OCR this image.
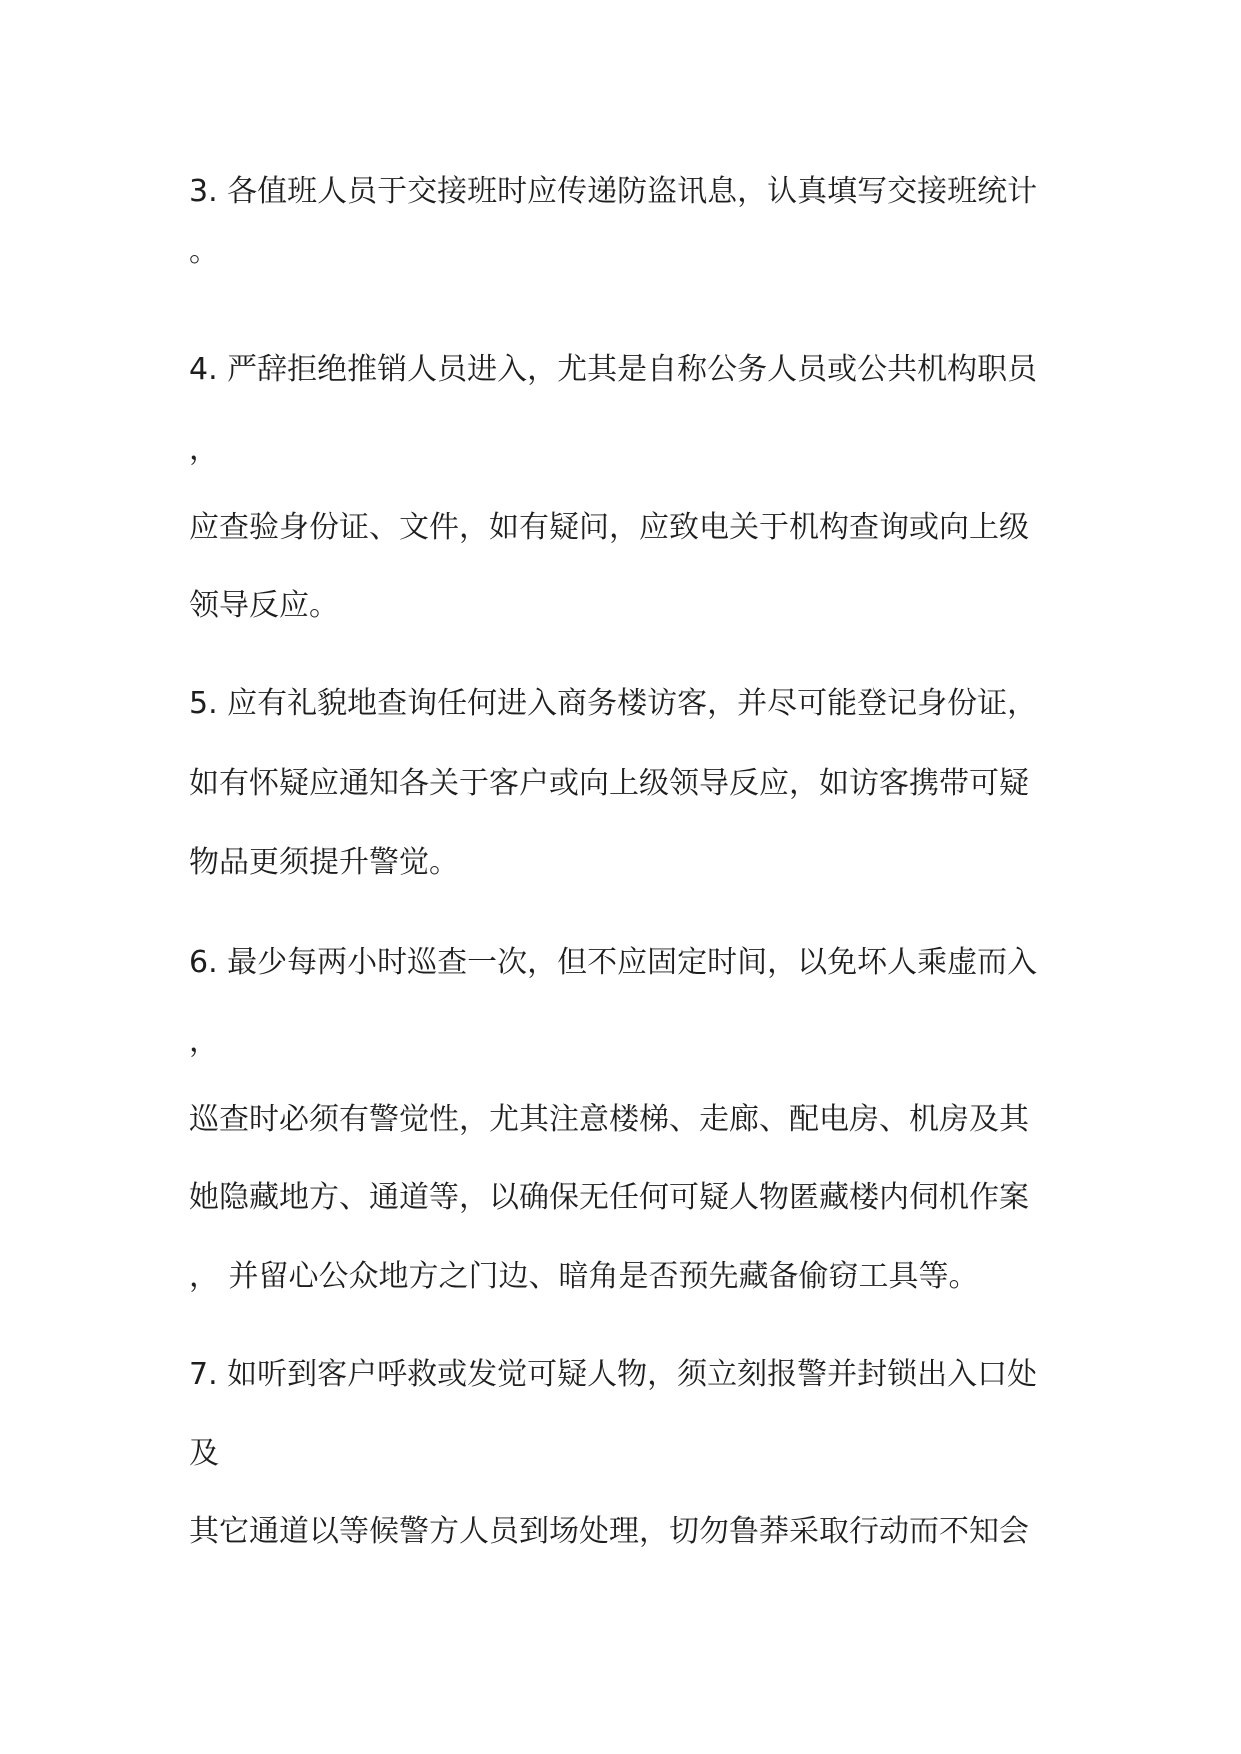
3. 各值班人员于交接班时应传递防盗讯息，认真填写交接班统计
。
4. 严辞拒绝推销人员进入，尤其是自称公务人员或公共机构职员
，
应查验身份证、文件，如有疑问，应致电关于机构查询或向上级
领导反应。
5. 应有礼貌地查询任何进入商务楼访客，并尽可能登记身份证，
如有怀疑应通知各关于客户或向上级领导反应，如访客携带可疑
物品更须提升警觉。
6. 最少每两小时巡查一次，但不应固定时间，以免坏人乘虚而入
，
巡查时必须有警觉性，尤其注意楼梯、走廊、配电房、机房及其
她隐藏地方、通道等，以确保无任何可疑人物匿藏楼内伺机作案
， 并留心公众地方之门边、暗角是否预先藏备偷窃工具等。
7. 如听到客户呼救或发觉可疑人物，须立刻报警并封锁出入口处
及
其它通道以等候警方人员到场处理，切勿鲁莽采取行动而不知会
